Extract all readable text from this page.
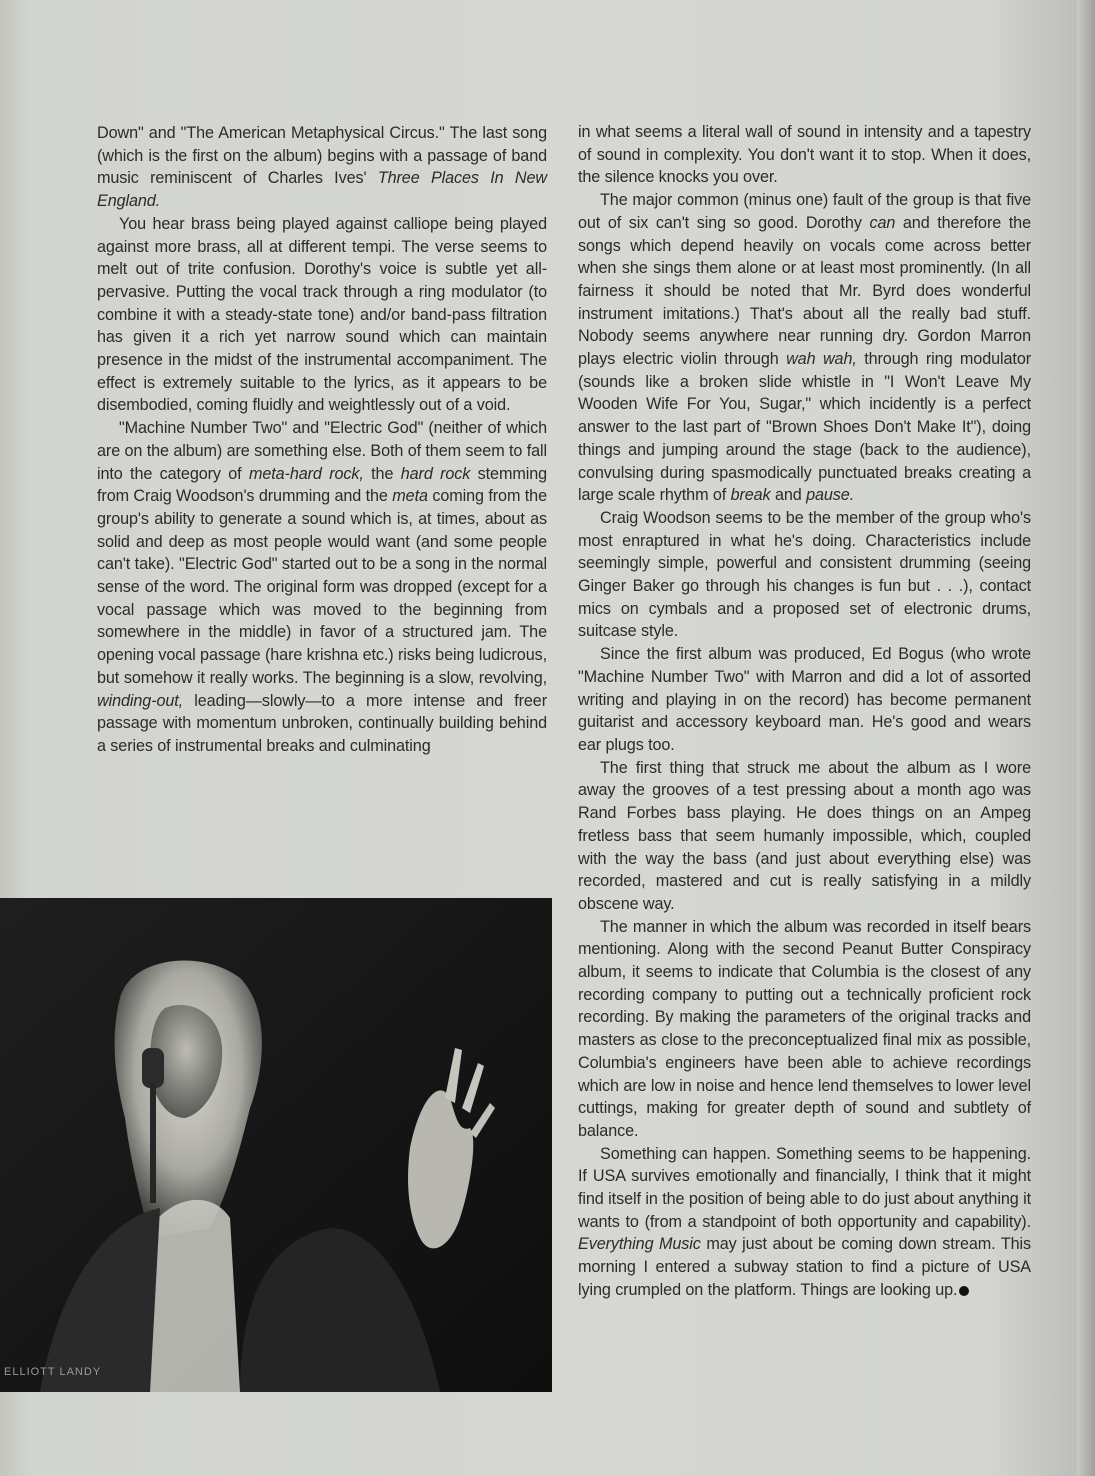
Down" and "The American Metaphysical Circus." The last song (which is the first on the album) begins with a passage of band music reminiscent of Charles Ives' Three Places In New England.

You hear brass being played against calliope being played against more brass, all at different tempi. The verse seems to melt out of trite confusion. Dorothy's voice is subtle yet all-pervasive. Putting the vocal track through a ring modulator (to combine it with a steady-state tone) and/or band-pass filtration has given it a rich yet narrow sound which can maintain presence in the midst of the instrumental accompaniment. The effect is extremely suitable to the lyrics, as it appears to be disembodied, coming fluidly and weightlessly out of a void.

"Machine Number Two" and "Electric God" (neither of which are on the album) are something else. Both of them seem to fall into the category of meta-hard rock, the hard rock stemming from Craig Woodson's drumming and the meta coming from the group's ability to generate a sound which is, at times, about as solid and deep as most people would want (and some people can't take). "Electric God" started out to be a song in the normal sense of the word. The original form was dropped (except for a vocal passage which was moved to the beginning from somewhere in the middle) in favor of a structured jam. The opening vocal passage (hare krishna etc.) risks being ludicrous, but somehow it really works. The beginning is a slow, revolving, winding-out, leading—slowly—to a more intense and freer passage with momentum unbroken, continually building behind a series of instrumental breaks and culminating

in what seems a literal wall of sound in intensity and a tapestry of sound in complexity. You don't want it to stop. When it does, the silence knocks you over.

The major common (minus one) fault of the group is that five out of six can't sing so good. Dorothy can and therefore the songs which depend heavily on vocals come across better when she sings them alone or at least most prominently. (In all fairness it should be noted that Mr. Byrd does wonderful instrument imitations.) That's about all the really bad stuff. Nobody seems anywhere near running dry. Gordon Marron plays electric violin through wah wah, through ring modulator (sounds like a broken slide whistle in "I Won't Leave My Wooden Wife For You, Sugar," which incidently is a perfect answer to the last part of "Brown Shoes Don't Make It"), doing things and jumping around the stage (back to the audience), convulsing during spasmodically punctuated breaks creating a large scale rhythm of break and pause.

Craig Woodson seems to be the member of the group who's most enraptured in what he's doing. Characteristics include seemingly simple, powerful and consistent drumming (seeing Ginger Baker go through his changes is fun but . . .), contact mics on cymbals and a proposed set of electronic drums, suitcase style.

Since the first album was produced, Ed Bogus (who wrote "Machine Number Two" with Marron and did a lot of assorted writing and playing in on the record) has become permanent guitarist and accessory keyboard man. He's good and wears ear plugs too.

The first thing that struck me about the album as I wore away the grooves of a test pressing about a month ago was Rand Forbes bass playing. He does things on an Ampeg fretless bass that seem humanly impossible, which, coupled with the way the bass (and just about everything else) was recorded, mastered and cut is really satisfying in a mildly obscene way.

The manner in which the album was recorded in itself bears mentioning. Along with the second Peanut Butter Conspiracy album, it seems to indicate that Columbia is the closest of any recording company to putting out a technically proficient rock recording. By making the parameters of the original tracks and masters as close to the preconceptualized final mix as possible, Columbia's engineers have been able to achieve recordings which are low in noise and hence lend themselves to lower level cuttings, making for greater depth of sound and subtlety of balance.

Something can happen. Something seems to be happening. If USA survives emotionally and financially, I think that it might find itself in the position of being able to do just about anything it wants to (from a standpoint of both opportunity and capability). Everything Music may just about be coming down stream. This morning I entered a subway station to find a picture of USA lying crumpled on the platform. Things are looking up.

ELLIOTT LANDY
